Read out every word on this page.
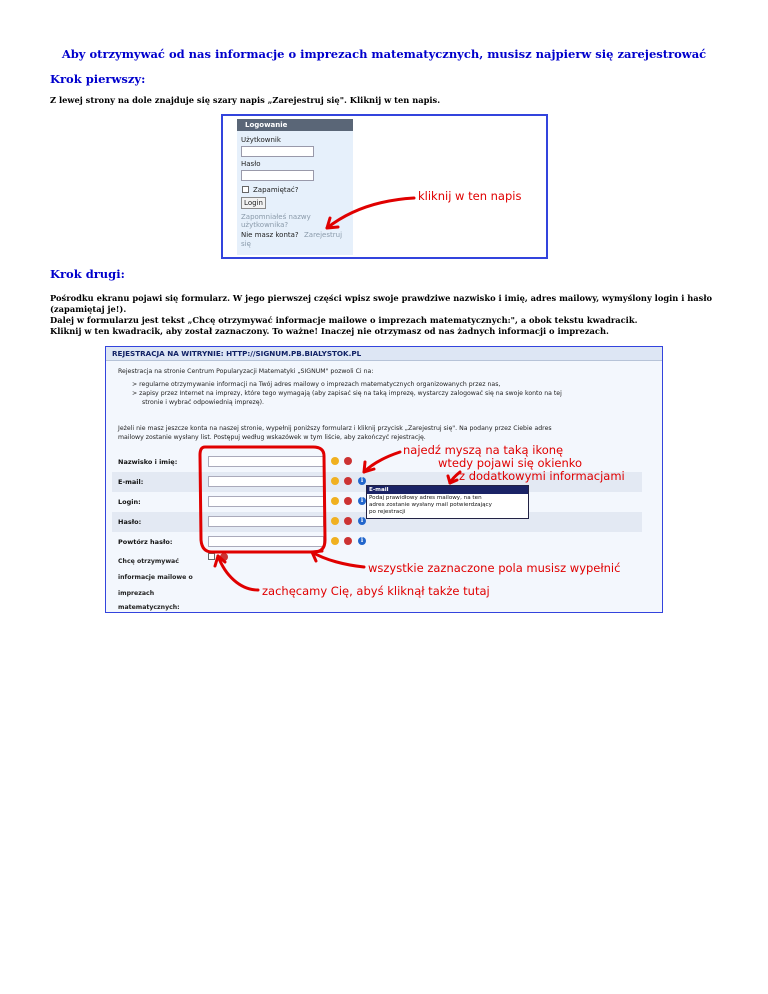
Aby otrzymywać od nas informacje o imprezach matematycznych, musisz najpierw się zarejestrować
Krok pierwszy:
Z lewej strony na dole znajduje się szary napis „Zarejestruj się". Kliknij w ten napis.
Logowanie
Użytkownik
Hasło
Zapamiętać?
Login
Zapomniałeś nazwy
użytkownika?
Nie masz konta? Zarejestruj
się
kliknij w ten napis
Krok drugi:
Pośrodku ekranu pojawi się formularz. W jego pierwszej części wpisz swoje prawdziwe nazwisko i imię, adres mailowy, wymyślony login i hasło
(zapamiętaj je!).
Dalej w formularzu jest tekst „Chcę otrzymywać informacje mailowe o imprezach matematycznych:", a obok tekstu kwadracik.
Kliknij w ten kwadracik, aby został zaznaczony. To ważne! Inaczej nie otrzymasz od nas żadnych informacji o imprezach.
REJESTRACJA NA WITRYNIE: HTTP://SIGNUM.PB.BIALYSTOK.PL
Rejestracja na stronie Centrum Popularyzacji Matematyki „SIGNUM" pozwoli Ci na:
> regularne otrzymywanie informacji na Twój adres mailowy o imprezach matematycznych organizowanych przez nas,
> zapisy przez Internet na imprezy, które tego wymagają (aby zapisać się na taką imprezę, wystarczy zalogować się na swoje konto na tej
stronie i wybrać odpowiednią imprezę).
Jeżeli nie masz jeszcze konta na naszej stronie, wypełnij poniższy formularz i kliknij przycisk „Zarejestruj się". Na podany przez Ciebie adres
mailowy zostanie wysłany list. Postępuj według wskazówek w tym liście, aby zakończyć rejestrację.
Nazwisko i imię:
E-mail:	i
Login:	i
Hasło:	i
Powtórz hasło:	i
Chcę otrzymywać
informacje mailowe o
imprezach
matematycznych:
E-mail
Podaj prawidłowy adres mailowy, na ten
adres zostanie wysłany mail potwierdzający
po rejestracji
najedź myszą na taką ikonę
wtedy pojawi się okienko
z dodatkowymi informacjami
wszystkie zaznaczone pola musisz wypełnić
zachęcamy Cię, abyś kliknął także tutaj
